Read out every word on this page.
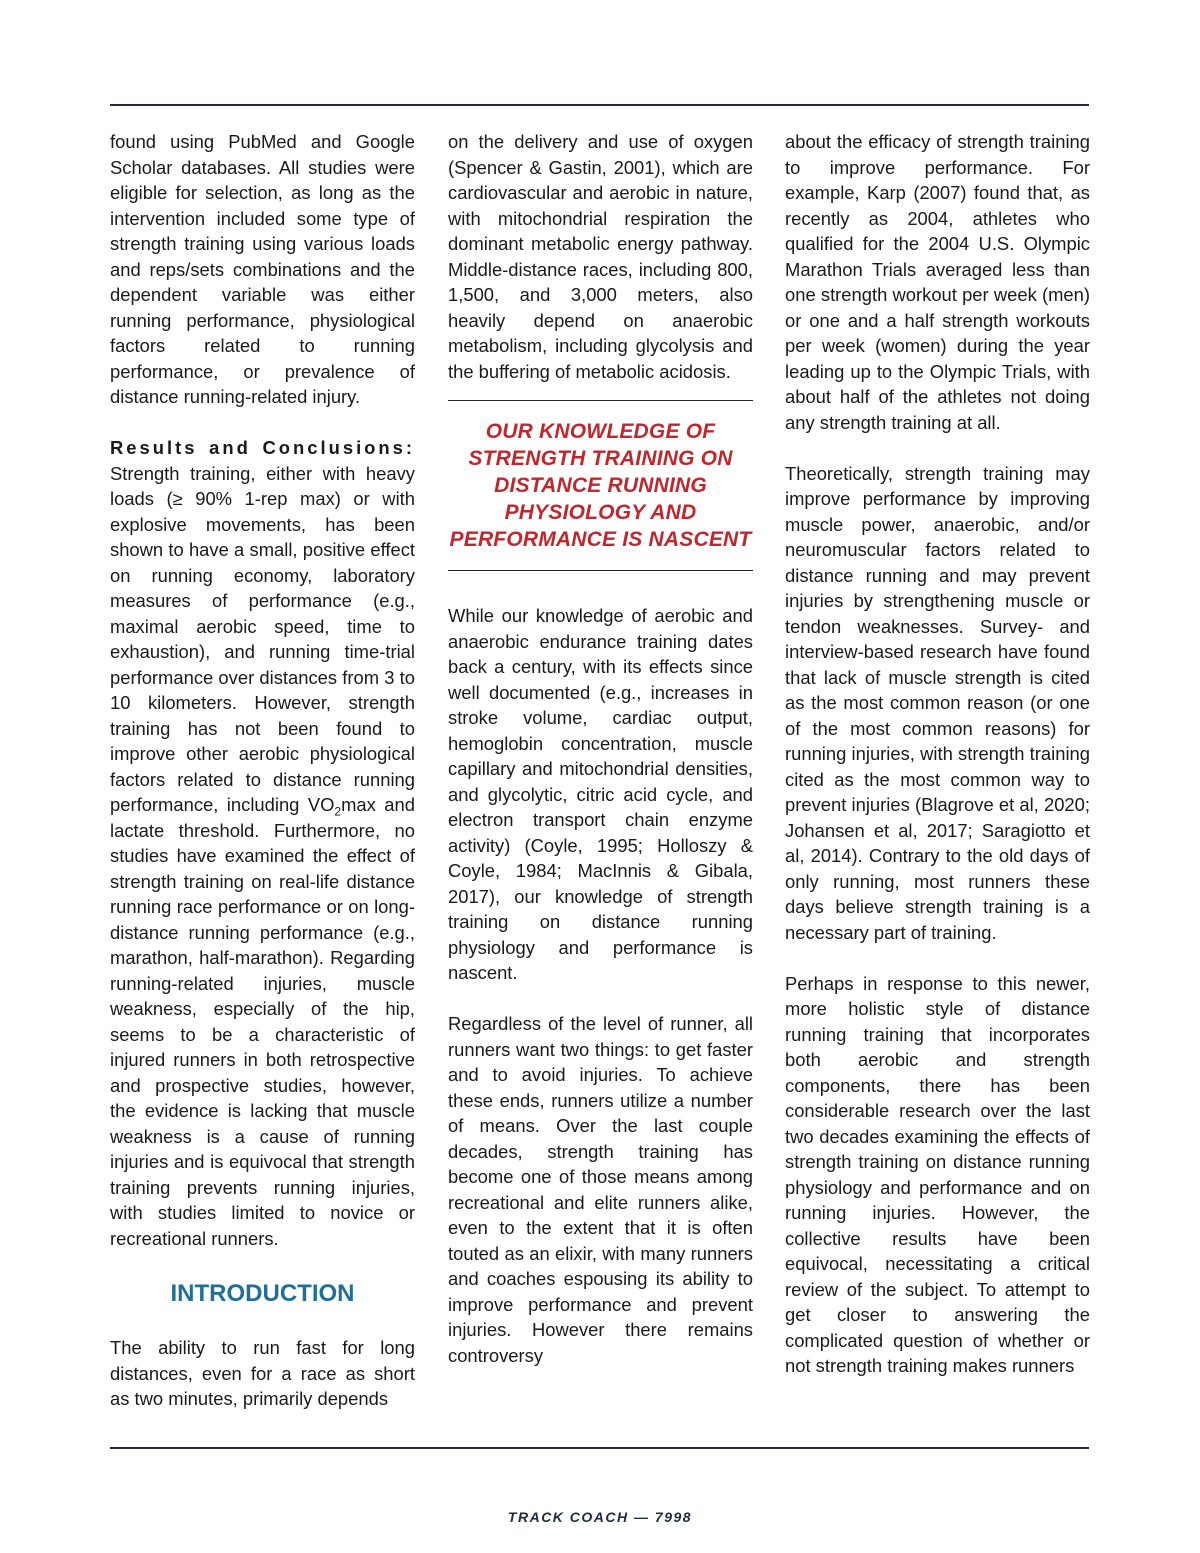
found using PubMed and Google Scholar databases. All studies were eligible for selection, as long as the intervention included some type of strength training using various loads and reps/sets combinations and the dependent variable was either running performance, physiological factors related to running performance, or prevalence of distance running-related injury.

Results and Conclusions:

Strength training, either with heavy loads (≥ 90% 1-rep max) or with explosive movements, has been shown to have a small, positive effect on running economy, laboratory measures of performance (e.g., maximal aerobic speed, time to exhaustion), and running time-trial performance over distances from 3 to 10 kilometers. However, strength training has not been found to improve other aerobic physiological factors related to distance running performance, including $VO_2\max$ and lactate threshold. Furthermore, no studies have examined the effect of strength training on real-life distance running race performance or on long-distance running performance (e.g., marathon, half-marathon). Regarding running-related injuries, muscle weakness, especially of the hip, seems to be a characteristic of injured runners in both retrospective and prospective studies, however, the evidence is lacking that muscle weakness is a cause of running injuries and is equivocal that strength training prevents running injuries, with studies limited to novice or recreational runners.

INTRODUCTION

The ability to run fast for long distances, even for a race as short as two minutes, primarily depends

on the delivery and use of oxygen (Spencer & Gastin, 2001), which are cardiovascular and aerobic in nature, with mitochondrial respiration the dominant metabolic energy pathway. Middle-distance races, including 800, 1,500, and 3,000 meters, also heavily depend on anaerobic metabolism, including glycolysis and the buffering of metabolic acidosis.

OUR KNOWLEDGE OF STRENGTH TRAINING ON DISTANCE RUNNING PHYSIOLOGY AND PERFORMANCE IS NASCENT

While our knowledge of aerobic and anaerobic endurance training dates back a century, with its effects since well documented (e.g., increases in stroke volume, cardiac output, hemoglobin concentration, muscle capillary and mitochondrial densities, and glycolytic, citric acid cycle, and electron transport chain enzyme activity) (Coyle, 1995; Holloszy & Coyle, 1984; MacInnis & Gibala, 2017), our knowledge of strength training on distance running physiology and performance is nascent.

Regardless of the level of runner, all runners want two things: to get faster and to avoid injuries. To achieve these ends, runners utilize a number of means. Over the last couple decades, strength training has become one of those means among recreational and elite runners alike, even to the extent that it is often touted as an elixir, with many runners and coaches espousing its ability to improve performance and prevent injuries. However there remains controversy

about the efficacy of strength training to improve performance. For example, Karp (2007) found that, as recently as 2004, athletes who qualified for the 2004 U.S. Olympic Marathon Trials averaged less than one strength workout per week (men) or one and a half strength workouts per week (women) during the year leading up to the Olympic Trials, with about half of the athletes not doing any strength training at all.

Theoretically, strength training may improve performance by improving muscle power, anaerobic, and/or neuromuscular factors related to distance running and may prevent injuries by strengthening muscle or tendon weaknesses. Survey- and interview-based research have found that lack of muscle strength is cited as the most common reason (or one of the most common reasons) for running injuries, with strength training cited as the most common way to prevent injuries (Blagrove et al, 2020; Johansen et al, 2017; Saragiotto et al, 2014). Contrary to the old days of only running, most runners these days believe strength training is a necessary part of training.

Perhaps in response to this newer, more holistic style of distance running training that incorporates both aerobic and strength components, there has been considerable research over the last two decades examining the effects of strength training on distance running physiology and performance and on running injuries. However, the collective results have been equivocal, necessitating a critical review of the subject. To attempt to get closer to answering the complicated question of whether or not strength training makes runners

TRACK COACH — 7998
